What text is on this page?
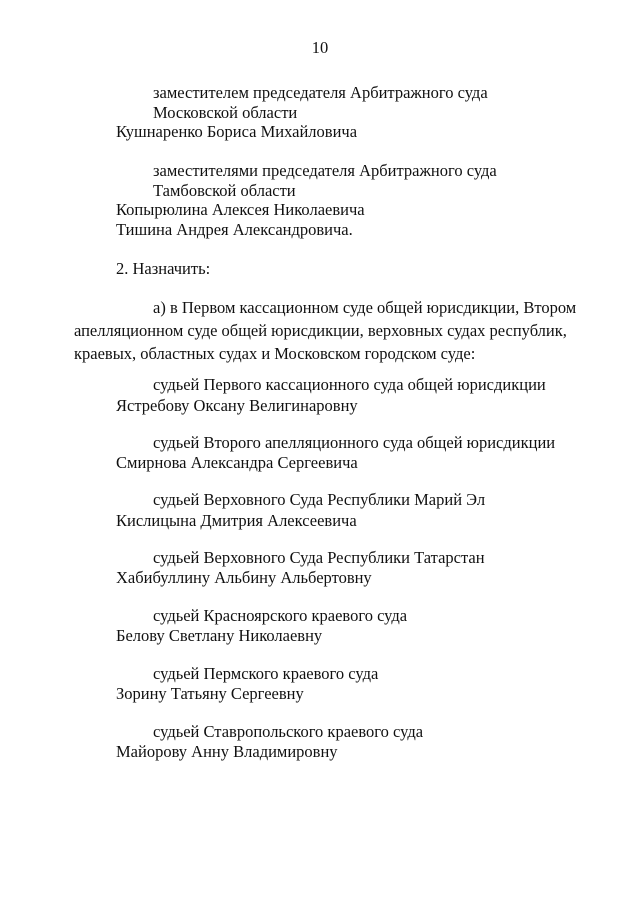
10

заместителем председателя Арбитражного суда

Московской области

Кушнаренко Бориса Михайловича

заместителями председателя Арбитражного суда

Тамбовской области

Копырюлина Алексея Николаевича

Тишина Андрея Александровича.

2. Назначить:

а) в Первом кассационном суде общей юрисдикции, Втором
апелляционном суде общей юрисдикции, верховных судах республик,
краевых, областных судах и Московском городском суде:

судьей Первого кассационного суда общей юрисдикции

Ястребову Оксану Велигинаровну

судьей Второго апелляционного суда общей юрисдикции

Смирнова Александра Сергеевича

судьей Верховного Суда Республики Марий Эл

Кислицына Дмитрия Алексеевича

судьей Верховного Суда Республики Татарстан

Хабибуллину Альбину Альбертовну

судьей Красноярского краевого суда

Белову Светлану Николаевну

судьей Пермского краевого суда

Зорину Татьяну Сергеевну

судьей Ставропольского краевого суда

Майорову Анну Владимировну
